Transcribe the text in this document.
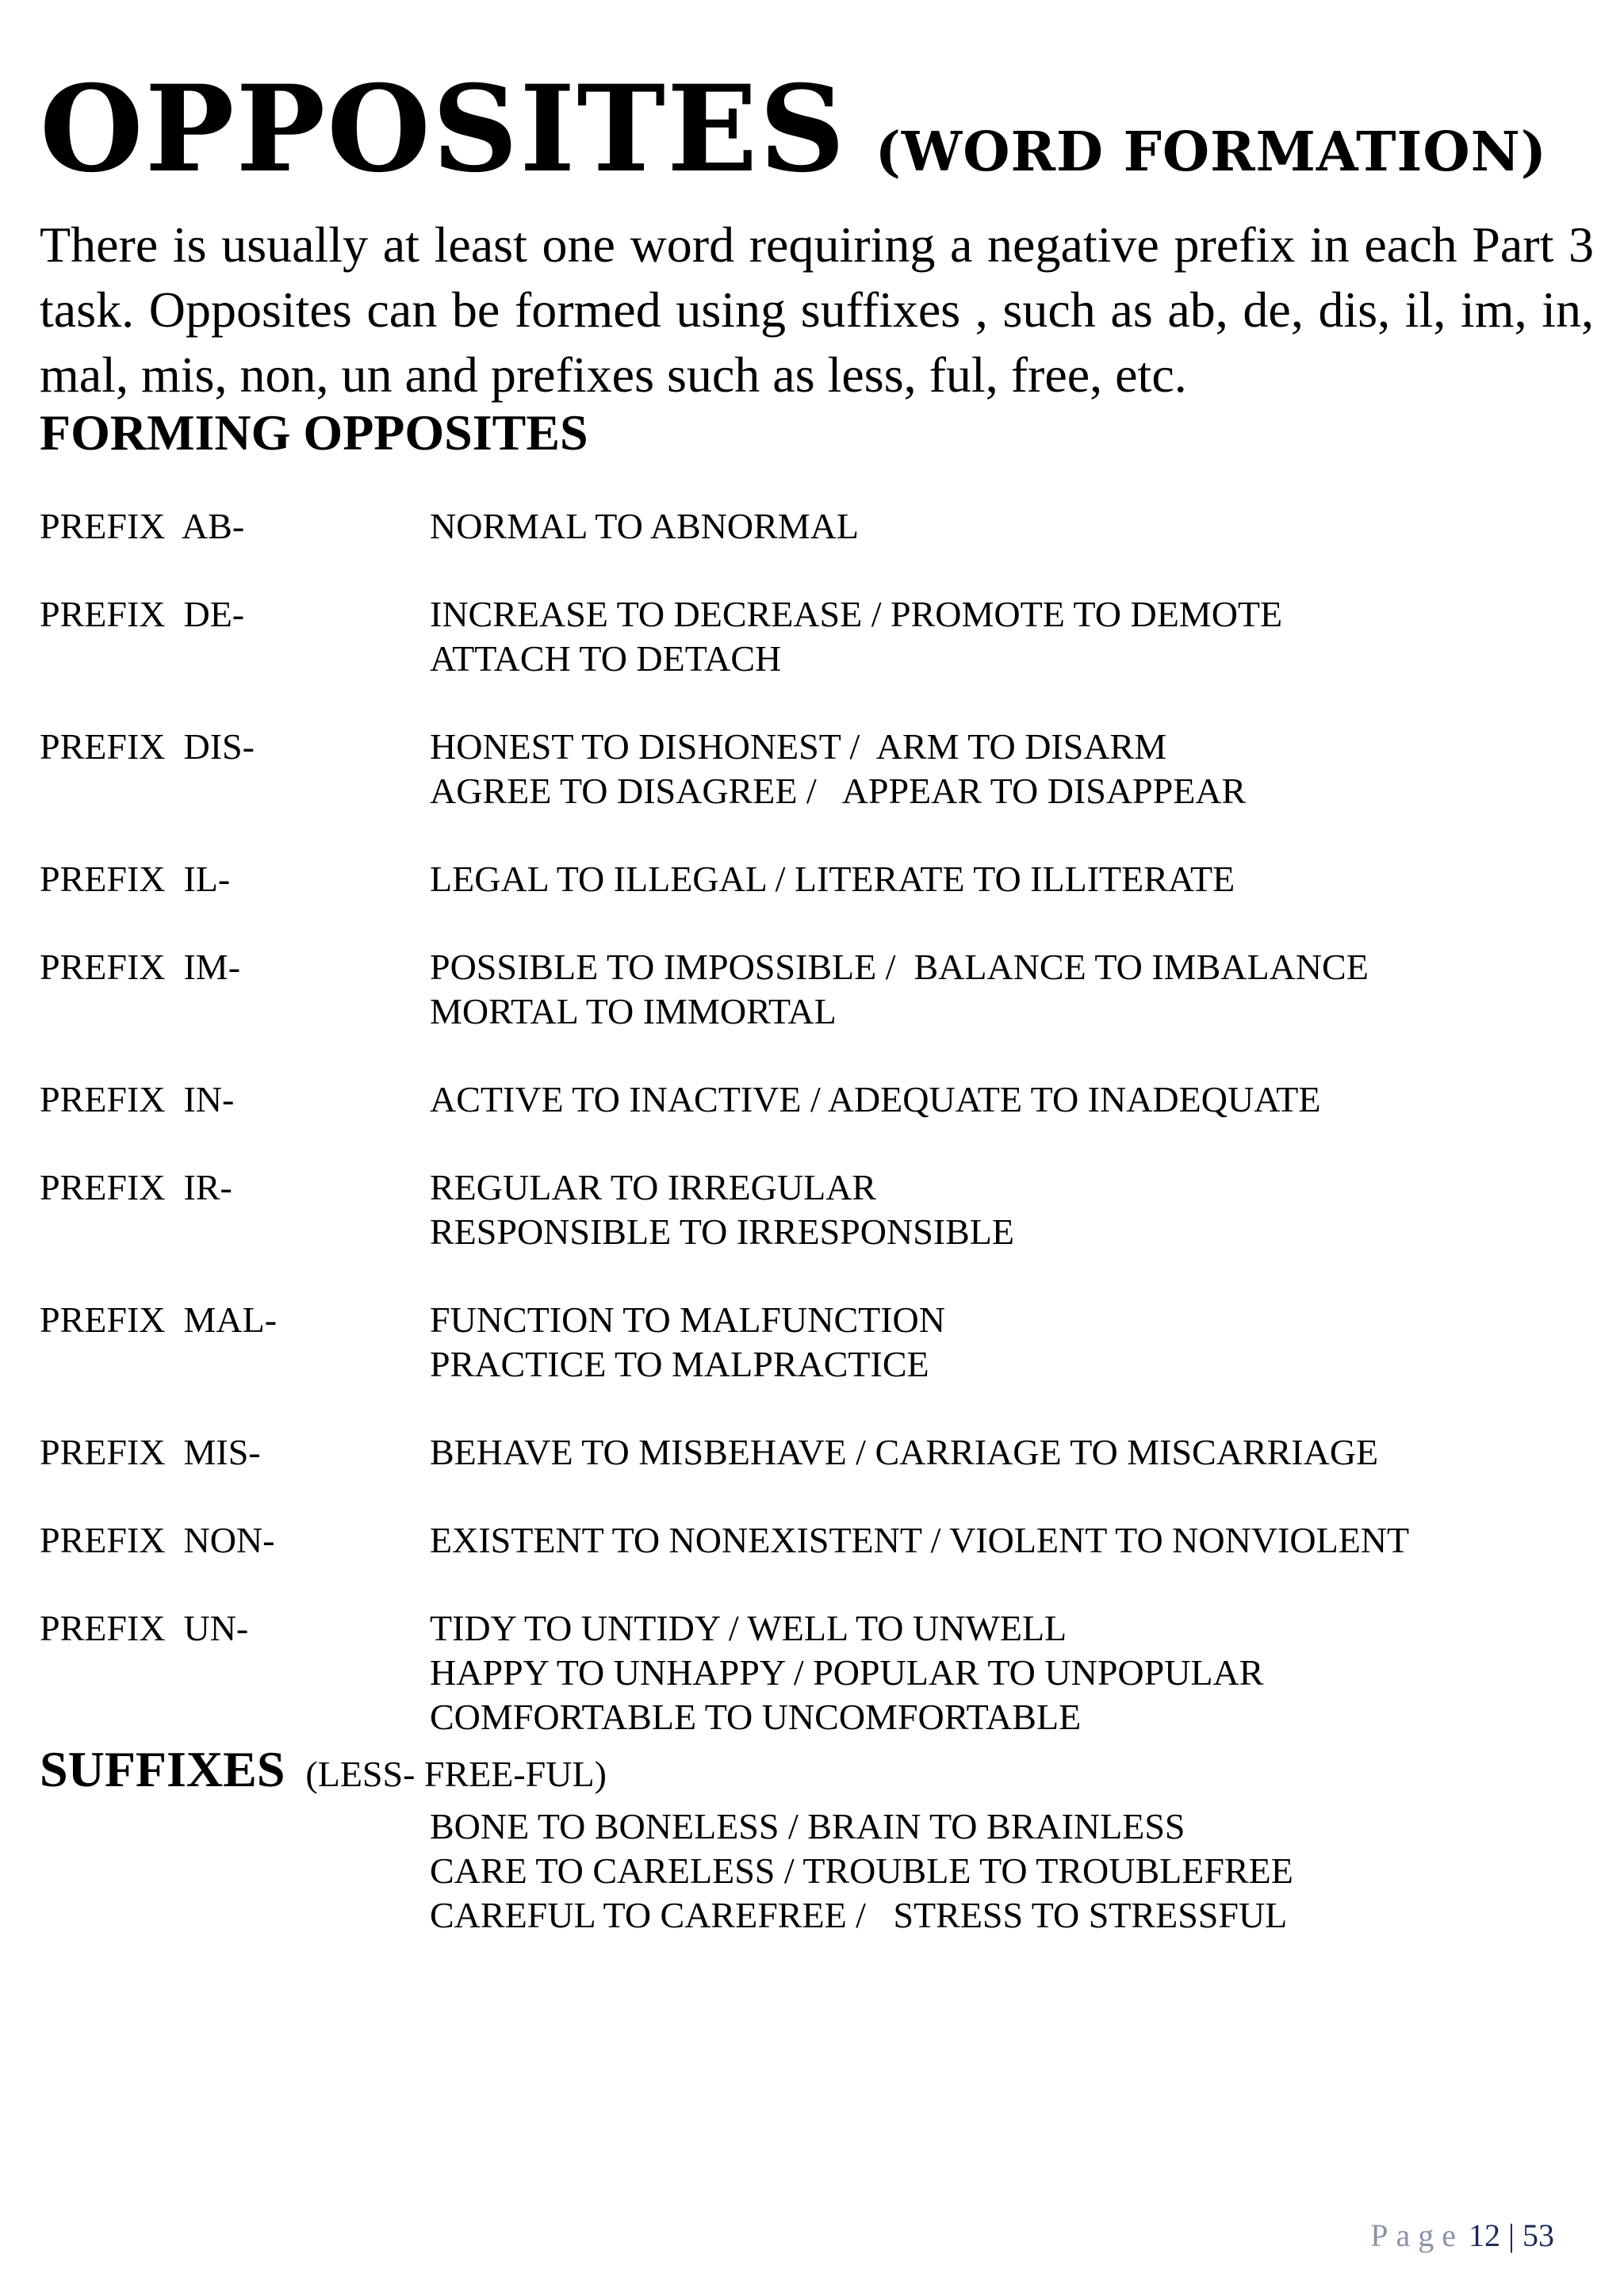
OPPOSITES (WORD FORMATION)

There is usually at least one word requiring a negative prefix in each Part 3 task. Opposites can be formed using suffixes , such as ab, de, dis, il, im, in, mal, mis, non, un and prefixes such as less, ful, free, etc.

FORMING OPPOSITES
PREFIX  AB-	NORMAL TO ABNORMAL
PREFIX  DE-	INCREASE TO DECREASE / PROMOTE TO DEMOTE
ATTACH TO DETACH
PREFIX  DIS-	HONEST TO DISHONEST /  ARM TO DISARM
AGREE TO DISAGREE /   APPEAR TO DISAPPEAR
PREFIX  IL-	LEGAL TO ILLEGAL / LITERATE TO ILLITERATE
PREFIX  IM-	POSSIBLE TO IMPOSSIBLE /  BALANCE TO IMBALANCE
MORTAL TO IMMORTAL
PREFIX  IN-	ACTIVE TO INACTIVE / ADEQUATE TO INADEQUATE
PREFIX  IR-	REGULAR TO IRREGULAR
RESPONSIBLE TO IRRESPONSIBLE
PREFIX  MAL-	FUNCTION TO MALFUNCTION
PRACTICE TO MALPRACTICE
PREFIX  MIS-	BEHAVE TO MISBEHAVE / CARRIAGE TO MISCARRIAGE
PREFIX  NON-	EXISTENT TO NONEXISTENT / VIOLENT TO NONVIOLENT
PREFIX  UN-	TIDY TO UNTIDY / WELL TO UNWELL
HAPPY TO UNHAPPY / POPULAR TO UNPOPULAR
COMFORTABLE TO UNCOMFORTABLE
SUFFIXES (LESS- FREE-FUL)
BONE TO BONELESS / BRAIN TO BRAINLESS
CARE TO CARELESS / TROUBLE TO TROUBLEFREE
CAREFUL TO CAREFREE /   STRESS TO STRESSFUL
Page 12 | 53
